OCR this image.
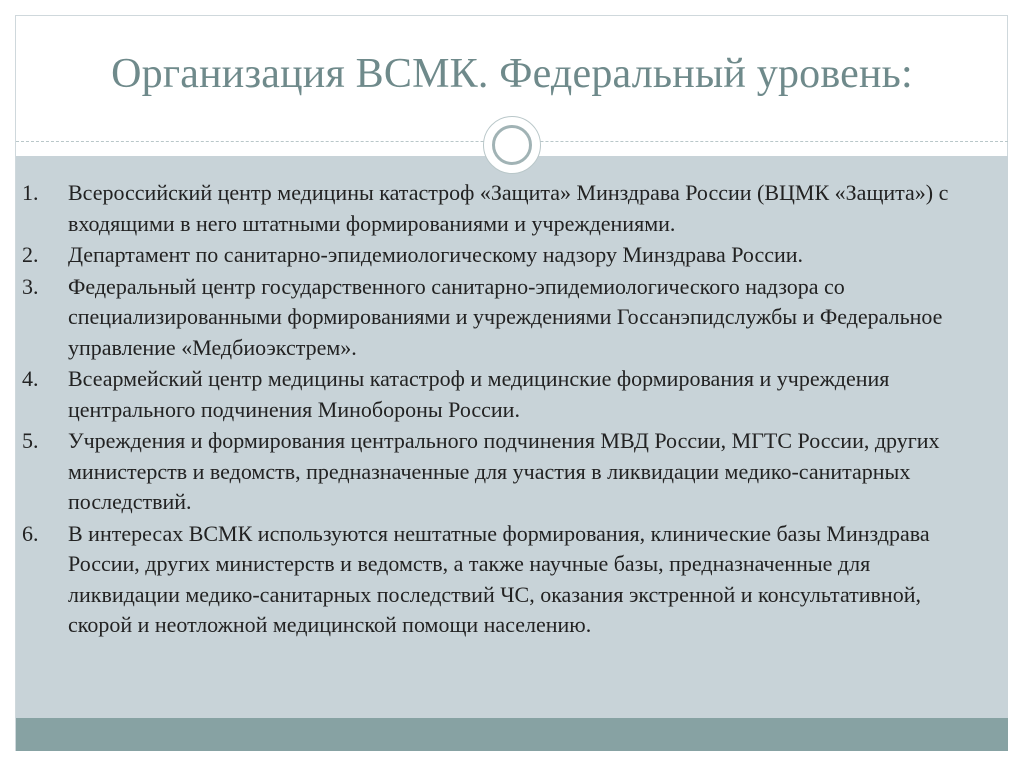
Организация ВСМК. Федеральный уровень:
1.	Всероссийский центр медицины катастроф «Защита» Минздрава России (ВЦМК «Защита») с входящими в него штатными формированиями и учреждениями.
2.	Департамент по санитарно-эпидемиологическому надзору Минздрава России.
3.	Федеральный центр государственного санитарно-эпидемиологического надзора со специализированными формированиями и учреждениями Госсанэпидслужбы и Федеральное управление «Медбиоэкстрем».
4.	Всеармейский центр медицины катастроф и медицинские формирования и учреждения центрального подчинения Минобороны России.
5.	Учреждения и формирования центрального подчинения МВД России, МГТС России, других министерств и ведомств, предназначенные для участия в ликвидации медико-санитарных последствий.
6.	В интересах ВСМК используются нештатные формирования, клинические базы Минздрава России, других министерств и ведомств, а также научные базы, предназначенные для ликвидации медико-санитарных последствий ЧС, оказания экстренной и консультативной, скорой и неотложной медицинской помощи населению.
